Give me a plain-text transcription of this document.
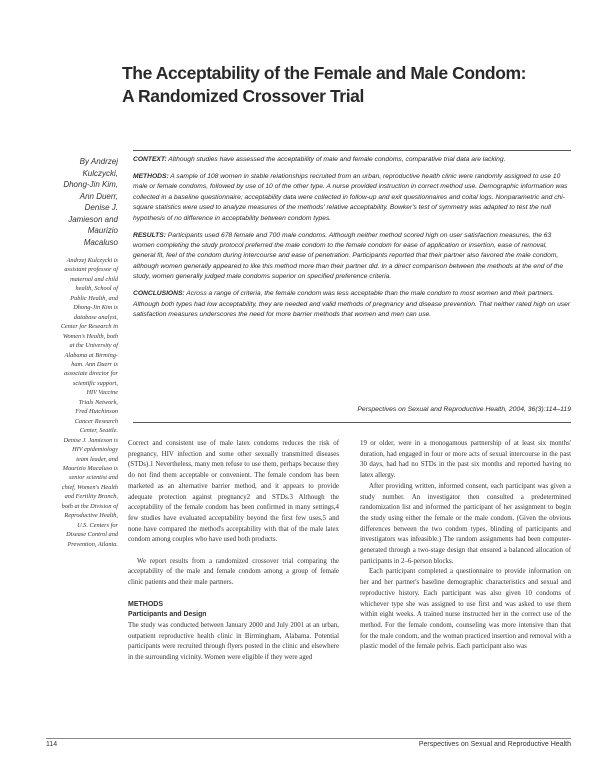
The Acceptability of the Female and Male Condom:
A Randomized Crossover Trial
By Andrzej Kulczycki, Dhong-Jin Kim, Ann Duerr, Denise J. Jamieson and Maurizio Macaluso
Andrzej Kulczycki is
assistant professor of
maternal and child
health, School of
Public Health, and
Dhong-Jin Kim is
database analyst,
Center for Research in
Women's Health, both
at the University of
Alabama at Birming-
ham. Ann Duerr is
associate director for
scientific support,
HIV Vaccine
Trials Network,
Fred Hutchinson
Cancer Research
Center, Seattle.
Denise J. Jamieson is
HIV epidemiology
team leader, and
Maurizio Macaluso is
senior scientist and
chief, Women's Health
and Fertility Branch,
both at the Division of
Reproductive Health,
U.S. Centers for
Disease Control and
Prevention, Atlanta.

CONTEXT: Although studies have assessed the acceptability of male and female condoms, comparative trial data are lacking.

METHODS: A sample of 108 women in stable relationships recruited from an urban, reproductive health clinic were randomly assigned to use 10 male or female condoms, followed by use of 10 of the other type. A nurse provided instruction in correct method use. Demographic information was collected in a baseline questionnaire; acceptability data were collected in follow-up and exit questionnaires and coital logs. Nonparametric and chi-square statistics were used to analyze measures of the methods' relative acceptability. Bowker's test of symmetry was adapted to test the null hypothesis of no difference in acceptability between condom types.

RESULTS: Participants used 678 female and 700 male condoms. Although neither method scored high on user satisfaction measures, the 63 women completing the study protocol preferred the male condom to the female condom for ease of application or insertion, ease of removal, general fit, feel of the condom during intercourse and ease of penetration. Participants reported that their partner also favored the male condom, although women generally appeared to like this method more than their partner did. In a direct comparison between the methods at the end of the study, women generally judged male condoms superior on specified preference criteria.

CONCLUSIONS: Across a range of criteria, the female condom was less acceptable than the male condom to most women and their partners. Although both types had low acceptability, they are needed and valid methods of pregnancy and disease prevention. That neither rated high on user satisfaction measures underscores the need for more barrier methods that women and men can use.

Perspectives on Sexual and Reproductive Health, 2004, 36(3):114–119

Correct and consistent use of male latex condoms reduces the risk of pregnancy, HIV infection and some other sexually transmitted diseases (STDs).1 Nevertheless, many men refuse to use them, perhaps because they do not find them acceptable or convenient. The female condom has been marketed as an alternative barrier method, and it appears to provide adequate protection against pregnancy2 and STDs.3 Although the acceptability of the female condom has been confirmed in many settings,4 few studies have evaluated acceptability beyond the first few uses,5 and none have compared the method's acceptability with that of the male latex condom among couples who have used both products.

We report results from a randomized crossover trial comparing the acceptability of the male and female condom among a group of female clinic patients and their male partners.

METHODS
Participants and Design

The study was conducted between January 2000 and July 2001 at an urban, outpatient reproductive health clinic in Birmingham, Alabama. Potential participants were recruited through flyers posted in the clinic and elsewhere in the surrounding vicinity. Women were eligible if they were aged

19 or older, were in a monogamous partnership of at least six months' duration, had engaged in four or more acts of sexual intercourse in the past 30 days, had had no STDs in the past six months and reported having no latex allergy.

After providing written, informed consent, each participant was given a study number. An investigator then consulted a predetermined randomization list and informed the participant of her assignment to begin the study using either the female or the male condom. (Given the obvious differences between the two condom types, blinding of participants and investigators was infeasible.) The random assignments had been computer-generated through a two-stage design that ensured a balanced allocation of participants in 2–6-person blocks.

Each participant completed a questionnaire to provide information on her and her partner's baseline demographic characteristics and sexual and reproductive history. Each participant was also given 10 condoms of whichever type she was assigned to use first and was asked to use them within eight weeks. A trained nurse instructed her in the correct use of the method. For the female condom, counseling was more intensive than that for the male condom, and the woman practiced insertion and removal with a plastic model of the female pelvis. Each participant also was

114	Perspectives on Sexual and Reproductive Health
